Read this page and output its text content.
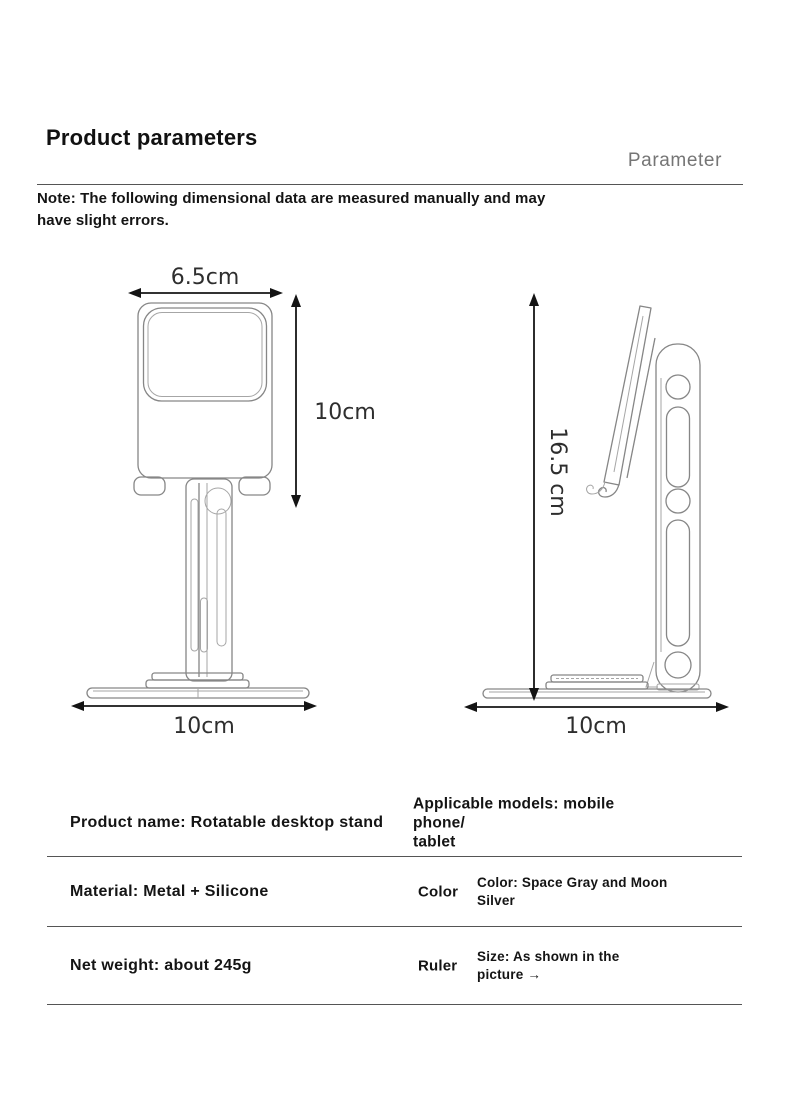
Product parameters
Parameter
Note: The following dimensional data are measured manually and may
have slight errors.
6.5cm
10cm
10cm
16.5 cm
10cm
Product name: Rotatable desktop stand
Applicable models: mobile phone/
tablet
Material: Metal + Silicone	Color
Color: Space Gray and Moon
Silver
Net weight: about 245g	Ruler
Size: As shown in the
picture →
